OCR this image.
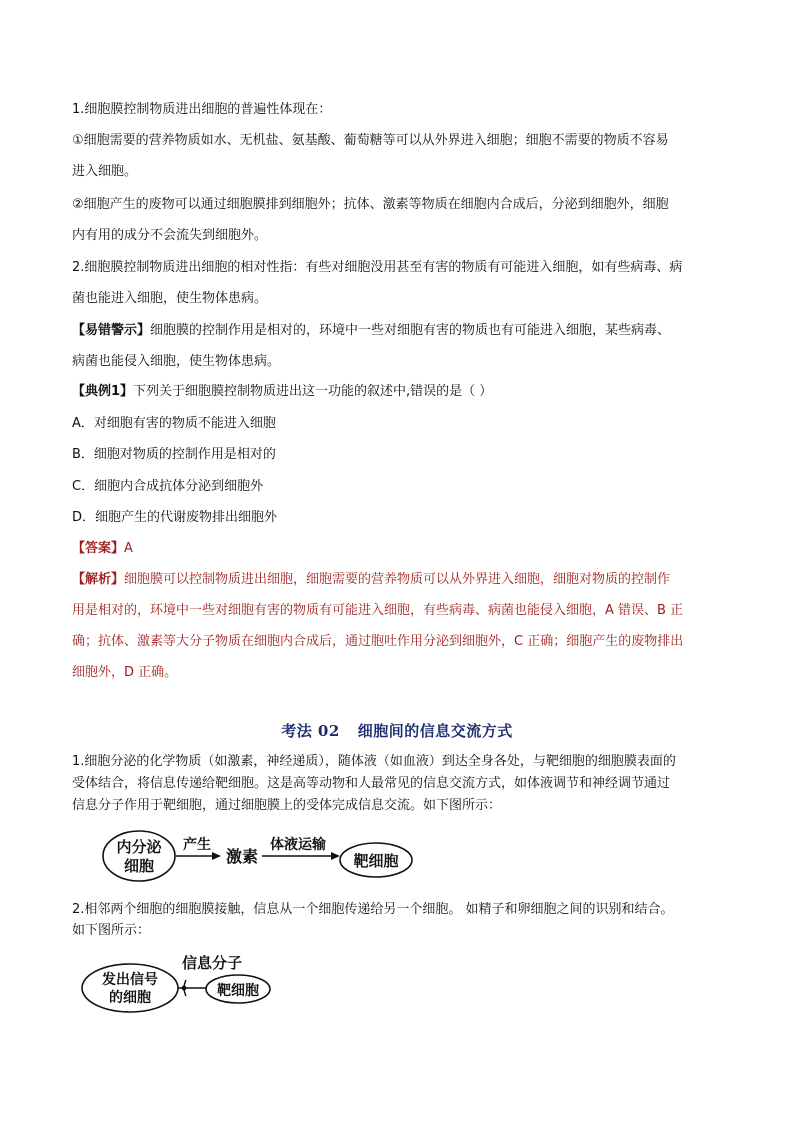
1.细胞膜控制物质进出细胞的普遍性体现在：
①细胞需要的营养物质如水、无机盐、氨基酸、葡萄糖等可以从外界进入细胞；细胞不需要的物质不容易
进入细胞。
②细胞产生的废物可以通过细胞膜排到细胞外；抗体、激素等物质在细胞内合成后，分泌到细胞外，细胞
内有用的成分不会流失到细胞外。
2.细胞膜控制物质进出细胞的相对性指：有些对细胞没用甚至有害的物质有可能进入细胞，如有些病毒、病
菌也能进入细胞，使生物体患病。
【易错警示】细胞膜的控制作用是相对的，环境中一些对细胞有害的物质也有可能进入细胞，某些病毒、
病菌也能侵入细胞，使生物体患病。
【典例1】下列关于细胞膜控制物质进出这一功能的叙述中,错误的是（ ）
A．对细胞有害的物质不能进入细胞
B．细胞对物质的控制作用是相对的
C．细胞内合成抗体分泌到细胞外
D．细胞产生的代谢废物排出细胞外
【答案】A
【解析】细胞膜可以控制物质进出细胞，细胞需要的营养物质可以从外界进入细胞，细胞对物质的控制作
用是相对的，环境中一些对细胞有害的物质有可能进入细胞，有些病毒、病菌也能侵入细胞，A 错误、B 正
确；抗体、激素等大分子物质在细胞内合成后，通过胞吐作用分泌到细胞外，C 正确；细胞产生的废物排出
细胞外，D 正确。
考法 02 细胞间的信息交流方式
1.细胞分泌的化学物质（如激素，神经递质），随体液（如血液）到达全身各处，与靶细胞的细胞膜表面的
受体结合，将信息传递给靶细胞。这是高等动物和人最常见的信息交流方式，如体液调节和神经调节通过
信息分子作用于靶细胞，通过细胞膜上的受体完成信息交流。如下图所示：
内分泌
细胞
产生
激素
体液运输
靶细胞
2.相邻两个细胞的细胞膜接触，信息从一个细胞传递给另一个细胞。 如精子和卵细胞之间的识别和结合。
如下图所示：
发出信号
的细胞
信息分子
靶细胞
